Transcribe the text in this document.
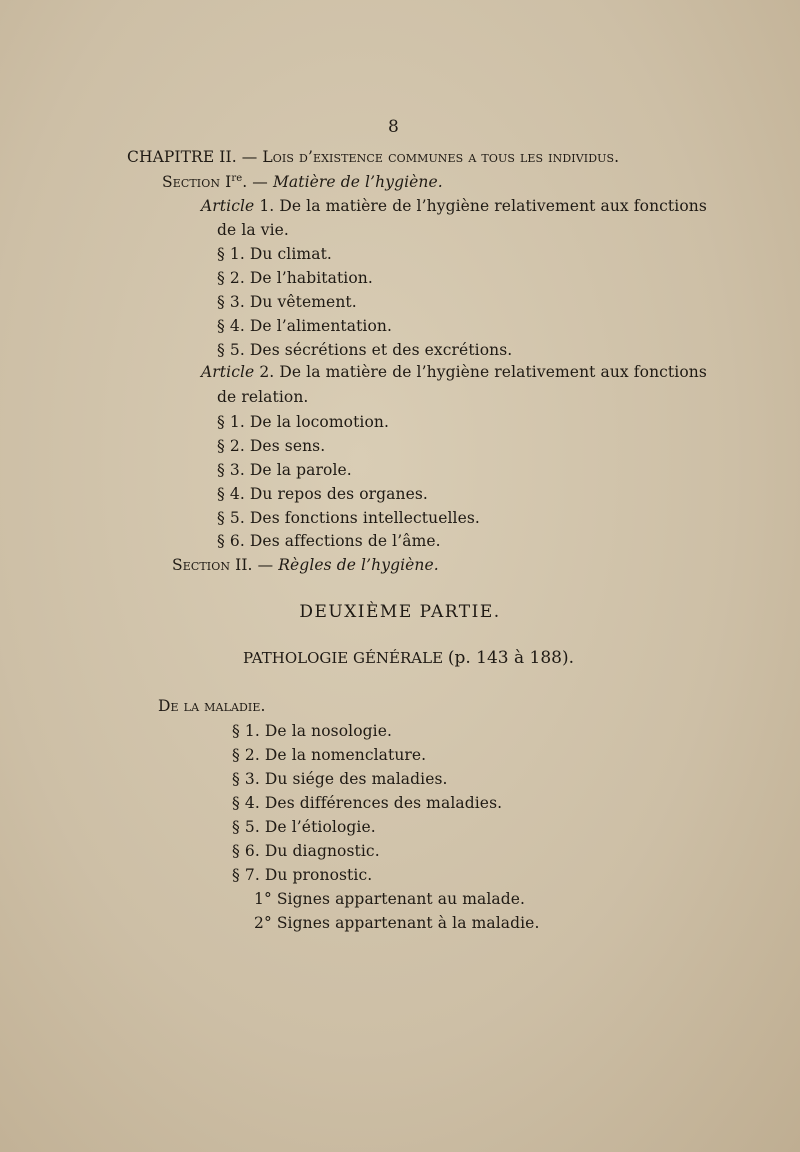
8
CHAPITRE II. — Lois d’existence communes a tous les individus.
Section Ire. — Matière de l’hygiène.
Article 1. De la matière de l’hygiène relativement aux fonctions
de la vie.
§ 1. Du climat.
§ 2. De l’habitation.
§ 3. Du vêtement.
§ 4. De l’alimentation.
§ 5. Des sécrétions et des excrétions.
Article 2. De la matière de l’hygiène relativement aux fonctions
de relation.
§ 1. De la locomotion.
§ 2. Des sens.
§ 3. De la parole.
§ 4. Du repos des organes.
§ 5. Des fonctions intellectuelles.
§ 6. Des affections de l’âme.
Section II. — Règles de l’hygiène.
DEUXIÈME PARTIE.
PATHOLOGIE GÉNÉRALE (p. 143 à 188).
De la maladie.
§ 1. De la nosologie.
§ 2. De la nomenclature.
§ 3. Du siége des maladies.
§ 4. Des différences des maladies.
§ 5. De l’étiologie.
§ 6. Du diagnostic.
§ 7. Du pronostic.
1° Signes appartenant au malade.
2° Signes appartenant à la maladie.
